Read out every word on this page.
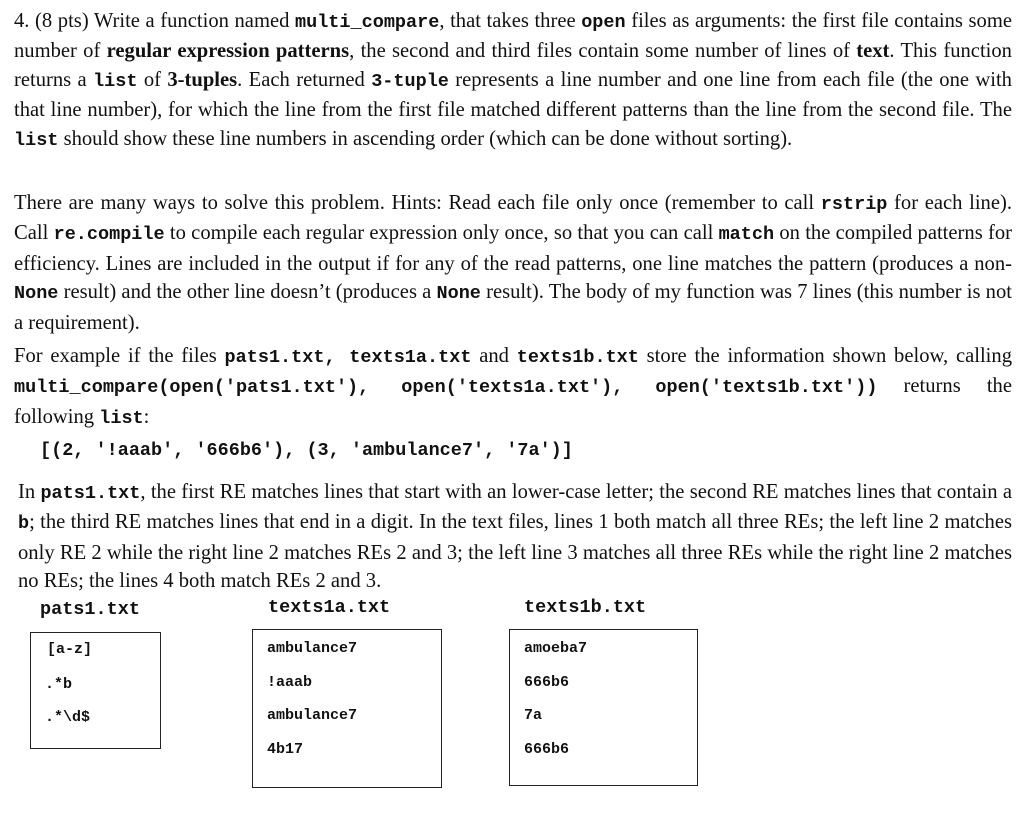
4. (8 pts) Write a function named multi_compare, that takes three open files as arguments: the first file contains some number of regular expression patterns, the second and third files contain some number of lines of text. This function returns a list of 3-tuples. Each returned 3-tuple represents a line number and one line from each file (the one with that line number), for which the line from the first file matched different patterns than the line from the second file. The list should show these line numbers in ascending order (which can be done without sorting).

There are many ways to solve this problem. Hints: Read each file only once (remember to call rstrip for each line). Call re.compile to compile each regular expression only once, so that you can call match on the compiled patterns for efficiency. Lines are included in the output if for any of the read patterns, one line matches the pattern (produces a non-None result) and the other line doesn’t (produces a None result). The body of my function was 7 lines (this number is not a requirement).

For example if the files pats1.txt, texts1a.txt and texts1b.txt store the information shown below, calling multi_compare(open('pats1.txt'), open('texts1a.txt'), open('texts1b.txt')) returns the following list:

[(2, '!aaab', '666b6'), (3, 'ambulance7', '7a')]

In pats1.txt, the first RE matches lines that start with an lower-case letter; the second RE matches lines that contain a b; the third RE matches lines that end in a digit. In the text files, lines 1 both match all three REs; the left line 2 matches only RE 2 while the right line 2 matches REs 2 and 3; the left line 3 matches all three REs while the right line 2 matches no REs; the lines 4 both match REs 2 and 3.

pats1.txt	texts1a.txt	texts1b.txt
[a-z]
.*b
.*\d$
ambulance7
!aaab
ambulance7
4b17
amoeba7
666b6
7a
666b6
